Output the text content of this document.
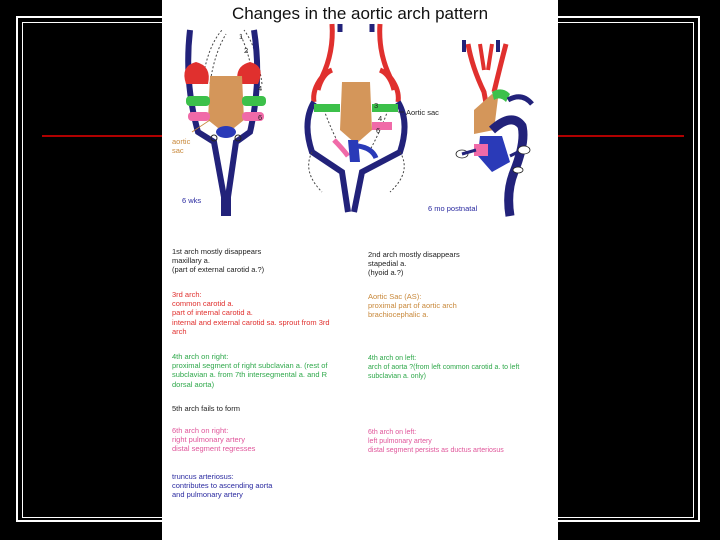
Changes in the aortic arch pattern
1
2
4
6
3
4
6
aortic
sac
6 wks
Aortic sac
6 mo postnatal
1st arch mostly disappears
maxillary a.
(part of external carotid a.?)
3rd arch:
common carotid a.
part of internal carotid a.
internal and external carotid sa. sprout from 3rd
arch
4th arch on right:
proximal segment of right subclavian a. (rest of
subclavian a. from 7th intersegmental a. and R
dorsal aorta)
5th arch fails to form
6th arch on right:
right pulmonary artery
distal segment regresses
truncus arteriosus:
contributes to ascending aorta
and pulmonary artery
2nd arch mostly disappears
stapedial a.
(hyoid a.?)
Aortic Sac (AS):
proximal part of aortic arch
brachiocephalic a.
4th arch on left:
arch of aorta ?(from left common carotid a. to left
subclavian a. only)
6th arch on left:
left pulmonary artery
distal segment persists as ductus arteriosus
